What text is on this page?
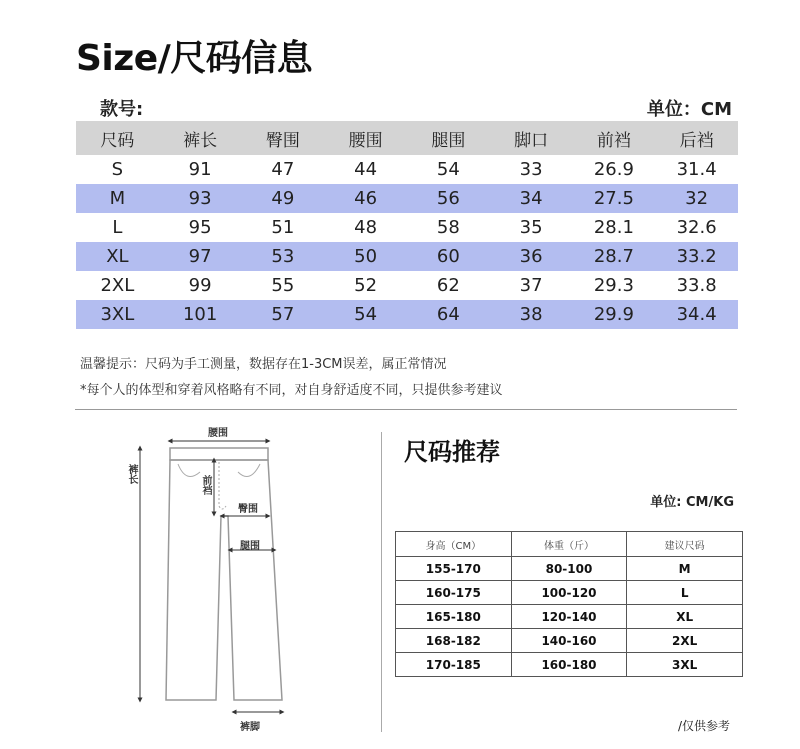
Size/尺码信息
款号:	单位：CM
尺码	裤长	臀围	腰围	腿围	脚口	前裆	后裆
S	91	47	44	54	33	26.9	31.4
M	93	49	46	56	34	27.5	32
L	95	51	48	58	35	28.1	32.6
XL	97	53	50	60	36	28.7	33.2
2XL	99	55	52	62	37	29.3	33.8
3XL	101	57	54	64	38	29.9	34.4
温馨提示：尺码为手工测量，数据存在1-3CM误差，属正常情况
*每个人的体型和穿着风格略有不同，对自身舒适度不同，只提供参考建议
腰围
裤长
前裆
臀围
腿围
裤脚
尺码推荐
单位: CM/KG
身高（CM）	体重（斤）	建议尺码
155-170	80-100	M
160-175	100-120	L
165-180	120-140	XL
168-182	140-160	2XL
170-185	160-180	3XL
/仅供参考
